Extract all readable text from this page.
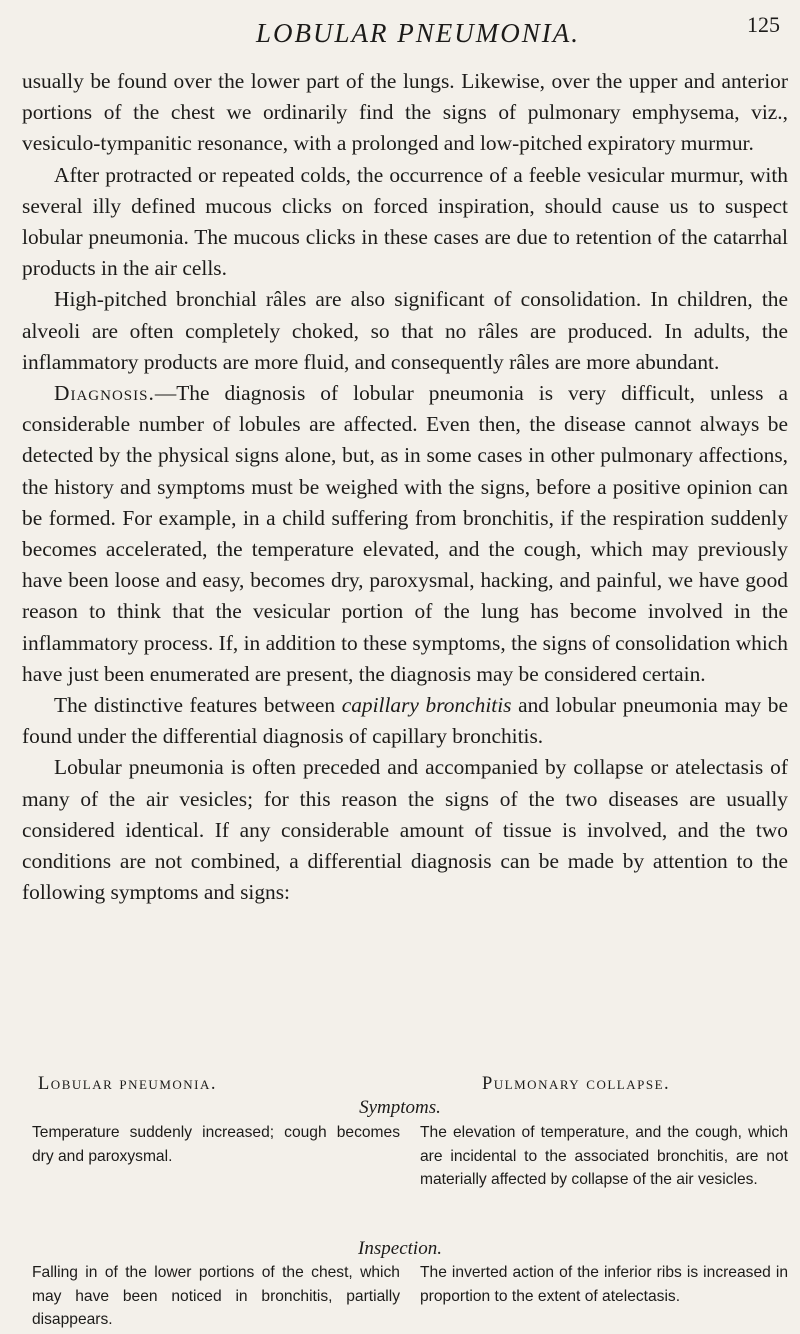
LOBULAR PNEUMONIA.	125

usually be found over the lower part of the lungs. Likewise, over the upper and anterior portions of the chest we ordinarily find the signs of pulmonary emphysema, viz., vesiculo-tympanitic resonance, with a prolonged and low-pitched expiratory murmur.

After protracted or repeated colds, the occurrence of a feeble vesicular murmur, with several illy defined mucous clicks on forced inspiration, should cause us to suspect lobular pneumonia. The mucous clicks in these cases are due to retention of the catarrhal products in the air cells.

High-pitched bronchial râles are also significant of consolidation. In children, the alveoli are often completely choked, so that no râles are produced. In adults, the inflammatory products are more fluid, and consequently râles are more abundant.

Diagnosis.—The diagnosis of lobular pneumonia is very difficult, unless a considerable number of lobules are affected. Even then, the disease cannot always be detected by the physical signs alone, but, as in some cases in other pulmonary affections, the history and symptoms must be weighed with the signs, before a positive opinion can be formed. For example, in a child suffering from bronchitis, if the respiration suddenly becomes accelerated, the temperature elevated, and the cough, which may previously have been loose and easy, becomes dry, paroxysmal, hacking, and painful, we have good reason to think that the vesicular portion of the lung has become involved in the inflammatory process. If, in addition to these symptoms, the signs of consolidation which have just been enumerated are present, the diagnosis may be considered certain.

The distinctive features between capillary bronchitis and lobular pneumonia may be found under the differential diagnosis of capillary bronchitis.

Lobular pneumonia is often preceded and accompanied by collapse or atelectasis of many of the air vesicles; for this reason the signs of the two diseases are usually considered identical. If any considerable amount of tissue is involved, and the two conditions are not combined, a differential diagnosis can be made by attention to the following symptoms and signs:

Lobular pneumonia.	Pulmonary collapse.
Symptoms.
Temperature suddenly increased; cough becomes dry and paroxysmal.
The elevation of temperature, and the cough, which are incidental to the associated bronchitis, are not materially affected by collapse of the air vesicles.
Inspection.
Falling in of the lower portions of the chest, which may have been noticed in bronchitis, partially disappears.
The inverted action of the inferior ribs is increased in proportion to the extent of atelectasis.
